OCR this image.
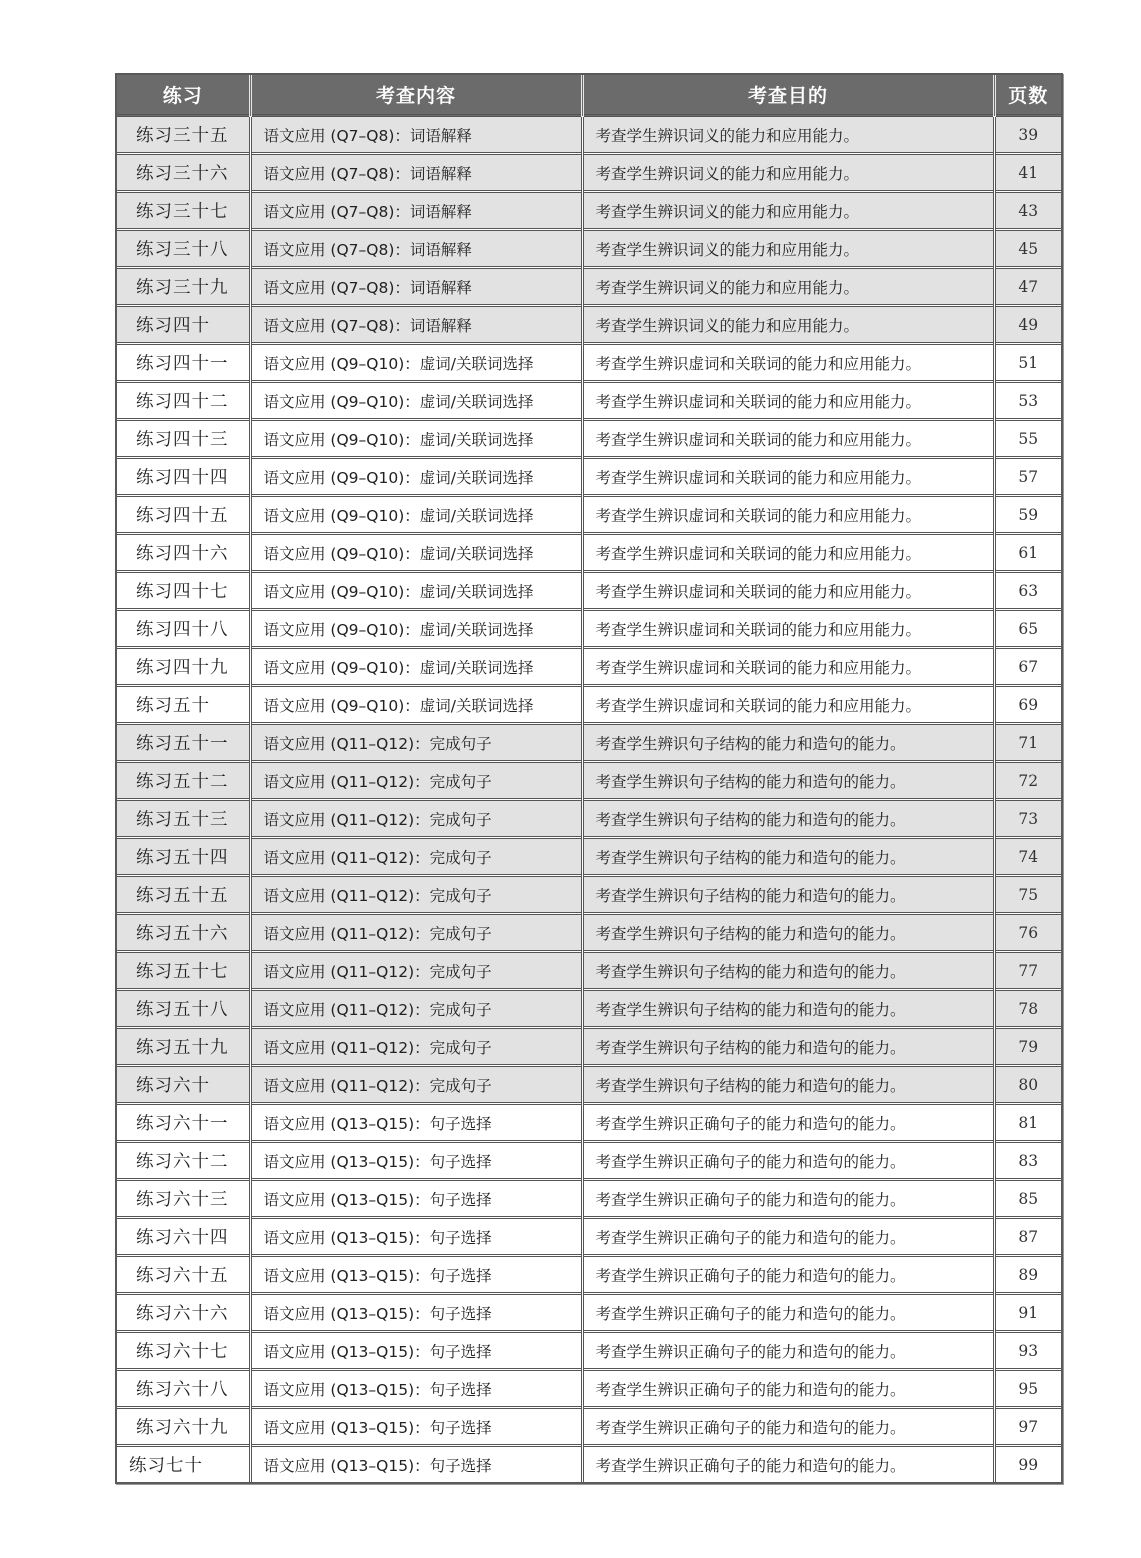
练习	考查内容	考查目的	页数
练习三十五	语文应用 (Q7–Q8)：词语解释	考查学生辨识词义的能力和应用能力。	39
练习三十六	语文应用 (Q7–Q8)：词语解释	考查学生辨识词义的能力和应用能力。	41
练习三十七	语文应用 (Q7–Q8)：词语解释	考查学生辨识词义的能力和应用能力。	43
练习三十八	语文应用 (Q7–Q8)：词语解释	考查学生辨识词义的能力和应用能力。	45
练习三十九	语文应用 (Q7–Q8)：词语解释	考查学生辨识词义的能力和应用能力。	47
练习四十	语文应用 (Q7–Q8)：词语解释	考查学生辨识词义的能力和应用能力。	49
练习四十一	语文应用 (Q9–Q10)：虚词/关联词选择	考查学生辨识虚词和关联词的能力和应用能力。	51
练习四十二	语文应用 (Q9–Q10)：虚词/关联词选择	考查学生辨识虚词和关联词的能力和应用能力。	53
练习四十三	语文应用 (Q9–Q10)：虚词/关联词选择	考查学生辨识虚词和关联词的能力和应用能力。	55
练习四十四	语文应用 (Q9–Q10)：虚词/关联词选择	考查学生辨识虚词和关联词的能力和应用能力。	57
练习四十五	语文应用 (Q9–Q10)：虚词/关联词选择	考查学生辨识虚词和关联词的能力和应用能力。	59
练习四十六	语文应用 (Q9–Q10)：虚词/关联词选择	考查学生辨识虚词和关联词的能力和应用能力。	61
练习四十七	语文应用 (Q9–Q10)：虚词/关联词选择	考查学生辨识虚词和关联词的能力和应用能力。	63
练习四十八	语文应用 (Q9–Q10)：虚词/关联词选择	考查学生辨识虚词和关联词的能力和应用能力。	65
练习四十九	语文应用 (Q9–Q10)：虚词/关联词选择	考查学生辨识虚词和关联词的能力和应用能力。	67
练习五十	语文应用 (Q9–Q10)：虚词/关联词选择	考查学生辨识虚词和关联词的能力和应用能力。	69
练习五十一	语文应用 (Q11–Q12)：完成句子	考查学生辨识句子结构的能力和造句的能力。	71
练习五十二	语文应用 (Q11–Q12)：完成句子	考查学生辨识句子结构的能力和造句的能力。	72
练习五十三	语文应用 (Q11–Q12)：完成句子	考查学生辨识句子结构的能力和造句的能力。	73
练习五十四	语文应用 (Q11–Q12)：完成句子	考查学生辨识句子结构的能力和造句的能力。	74
练习五十五	语文应用 (Q11–Q12)：完成句子	考查学生辨识句子结构的能力和造句的能力。	75
练习五十六	语文应用 (Q11–Q12)：完成句子	考查学生辨识句子结构的能力和造句的能力。	76
练习五十七	语文应用 (Q11–Q12)：完成句子	考查学生辨识句子结构的能力和造句的能力。	77
练习五十八	语文应用 (Q11–Q12)：完成句子	考查学生辨识句子结构的能力和造句的能力。	78
练习五十九	语文应用 (Q11–Q12)：完成句子	考查学生辨识句子结构的能力和造句的能力。	79
练习六十	语文应用 (Q11–Q12)：完成句子	考查学生辨识句子结构的能力和造句的能力。	80
练习六十一	语文应用 (Q13–Q15)：句子选择	考查学生辨识正确句子的能力和造句的能力。	81
练习六十二	语文应用 (Q13–Q15)：句子选择	考查学生辨识正确句子的能力和造句的能力。	83
练习六十三	语文应用 (Q13–Q15)：句子选择	考查学生辨识正确句子的能力和造句的能力。	85
练习六十四	语文应用 (Q13–Q15)：句子选择	考查学生辨识正确句子的能力和造句的能力。	87
练习六十五	语文应用 (Q13–Q15)：句子选择	考查学生辨识正确句子的能力和造句的能力。	89
练习六十六	语文应用 (Q13–Q15)：句子选择	考查学生辨识正确句子的能力和造句的能力。	91
练习六十七	语文应用 (Q13–Q15)：句子选择	考查学生辨识正确句子的能力和造句的能力。	93
练习六十八	语文应用 (Q13–Q15)：句子选择	考查学生辨识正确句子的能力和造句的能力。	95
练习六十九	语文应用 (Q13–Q15)：句子选择	考查学生辨识正确句子的能力和造句的能力。	97
练习七十	语文应用 (Q13–Q15)：句子选择	考查学生辨识正确句子的能力和造句的能力。	99
